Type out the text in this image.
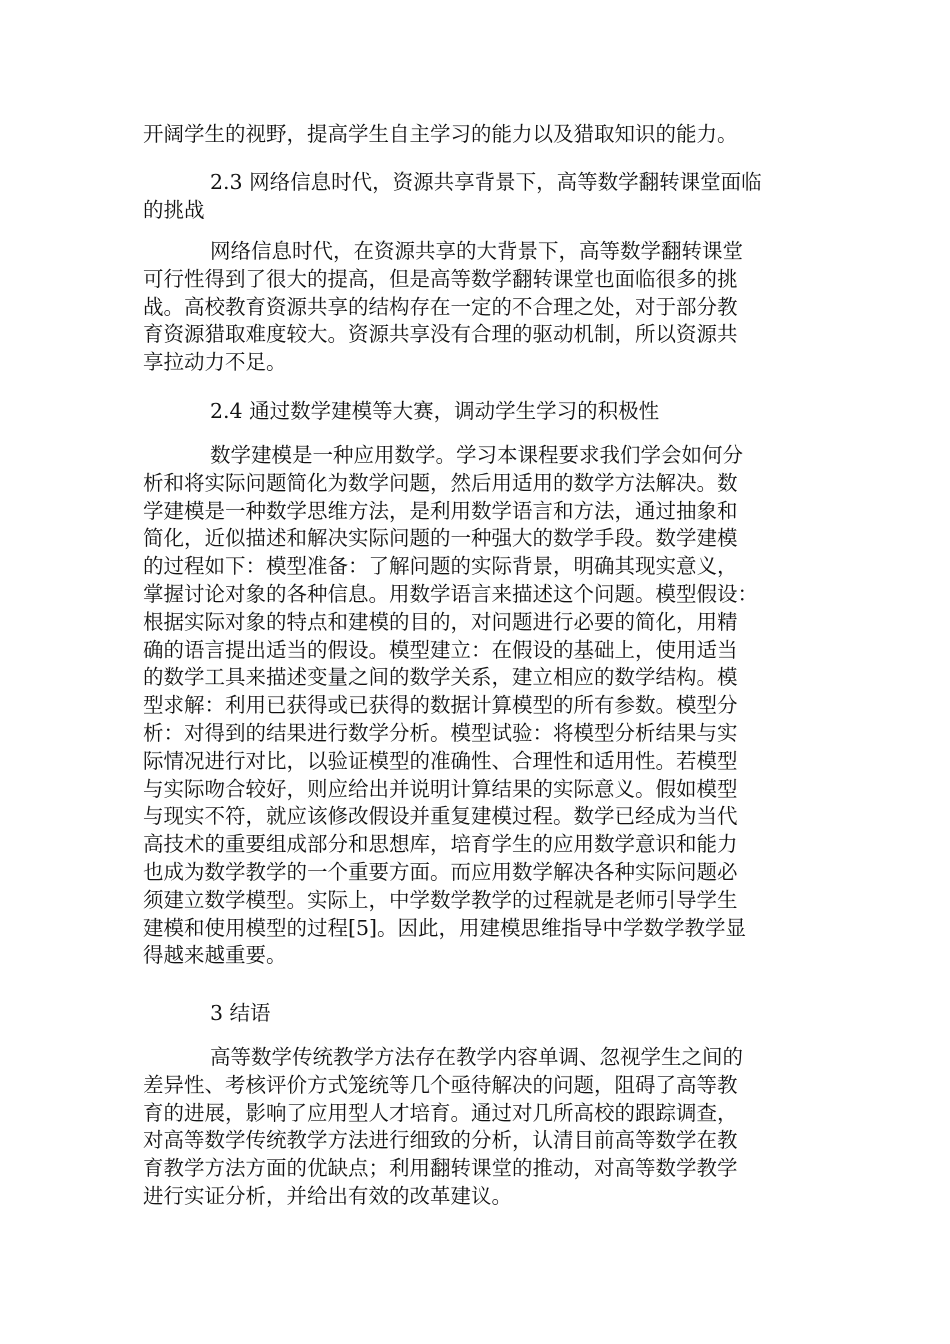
开阔学生的视野，提高学生自主学习的能力以及猎取知识的能力。
2.3 网络信息时代，资源共享背景下，高等数学翻转课堂面临
的挑战
网络信息时代，在资源共享的大背景下，高等数学翻转课堂
可行性得到了很大的提高，但是高等数学翻转课堂也面临很多的挑
战。高校教育资源共享的结构存在一定的不合理之处，对于部分教
育资源猎取难度较大。资源共享没有合理的驱动机制，所以资源共
享拉动力不足。
2.4 通过数学建模等大赛，调动学生学习的积极性
数学建模是一种应用数学。学习本课程要求我们学会如何分
析和将实际问题简化为数学问题，然后用适用的数学方法解决。数
学建模是一种数学思维方法，是利用数学语言和方法，通过抽象和
简化，近似描述和解决实际问题的一种强大的数学手段。数学建模
的过程如下：模型准备：了解问题的实际背景，明确其现实意义，
掌握讨论对象的各种信息。用数学语言来描述这个问题。模型假设：
根据实际对象的特点和建模的目的，对问题进行必要的简化，用精
确的语言提出适当的假设。模型建立：在假设的基础上，使用适当
的数学工具来描述变量之间的数学关系，建立相应的数学结构。模
型求解：利用已获得或已获得的数据计算模型的所有参数。模型分
析：对得到的结果进行数学分析。模型试验：将模型分析结果与实
际情况进行对比，以验证模型的准确性、合理性和适用性。若模型
与实际吻合较好，则应给出并说明计算结果的实际意义。假如模型
与现实不符，就应该修改假设并重复建模过程。数学已经成为当代
高技术的重要组成部分和思想库，培育学生的应用数学意识和能力
也成为数学教学的一个重要方面。而应用数学解决各种实际问题必
须建立数学模型。实际上，中学数学教学的过程就是老师引导学生
建模和使用模型的过程[5]。因此，用建模思维指导中学数学教学显
得越来越重要。
3 结语
高等数学传统教学方法存在教学内容单调、忽视学生之间的
差异性、考核评价方式笼统等几个亟待解决的问题，阻碍了高等教
育的进展，影响了应用型人才培育。通过对几所高校的跟踪调查，
对高等数学传统教学方法进行细致的分析，认清目前高等数学在教
育教学方法方面的优缺点；利用翻转课堂的推动，对高等数学教学
进行实证分析，并给出有效的改革建议。
